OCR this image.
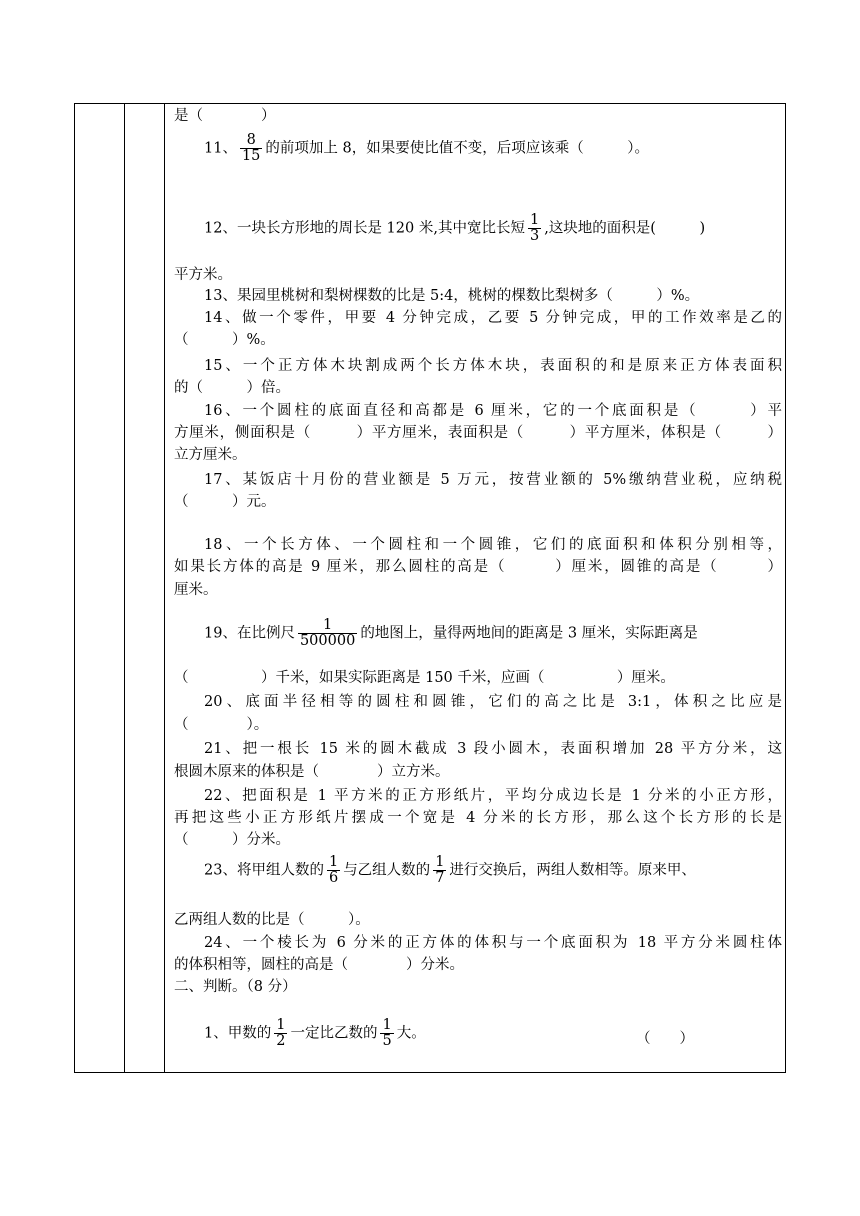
是（　　　　）
11、 $\frac{8}{15}$ 的前项加上 8，如果要使比值不变，后项应该乘（　　　）。
12、一块长方形地的周长是 120 米,其中宽比长短 $\frac{1}{3}$ ,这块地的面积是(　　　)
平方米。
13、果园里桃树和梨树棵数的比是 5:4，桃树的棵数比梨树多（　　　）%。
14、做一个零件，甲要 4 分钟完成，乙要 5 分钟完成，甲的工作效率是乙的
（　　　）%。
15、一个正方体木块割成两个长方体木块，表面积的和是原来正方体表面积
的（　　　）倍。
16、一个圆柱的底面直径和高都是 6 厘米，它的一个底面积是（　　　）平
方厘米，侧面积是（　　　）平方厘米，表面积是（　　　）平方厘米，体积是（　　　）
立方厘米。
17、某饭店十月份的营业额是 5 万元，按营业额的 5%缴纳营业税，应纳税
（　　　）元。
18、一个长方体、一个圆柱和一个圆锥，它们的底面积和体积分别相等，
如果长方体的高是 9 厘米，那么圆柱的高是（　　　）厘米，圆锥的高是（　　　）
厘米。
19、在比例尺 $\frac{1}{500000}$ 的地图上，量得两地间的距离是 3 厘米，实际距离是
（　　　　　）千米，如果实际距离是 150 千米，应画（　　　　　）厘米。
20、底面半径相等的圆柱和圆锥，它们的高之比是 3:1，体积之比应是
（　　　　）。
21、把一根长 15 米的圆木截成 3 段小圆木，表面积增加 28 平方分米，这
根圆木原来的体积是（　　　　）立方米。
22、把面积是 1 平方米的正方形纸片，平均分成边长是 1 分米的小正方形，
再把这些小正方形纸片摆成一个宽是 4 分米的长方形，那么这个长方形的长是
（　　　）分米。
23、将甲组人数的 $\frac{1}{6}$ 与乙组人数的 $\frac{1}{7}$ 进行交换后，两组人数相等。原来甲、
乙两组人数的比是（　　　）。
24、一个棱长为 6 分米的正方体的体积与一个底面积为 18 平方分米圆柱体
的体积相等，圆柱的高是（　　　　）分米。
二、判断。（8 分）
1、甲数的 $\frac{1}{2}$ 一定比乙数的 $\frac{1}{5}$ 大。	（　　）
